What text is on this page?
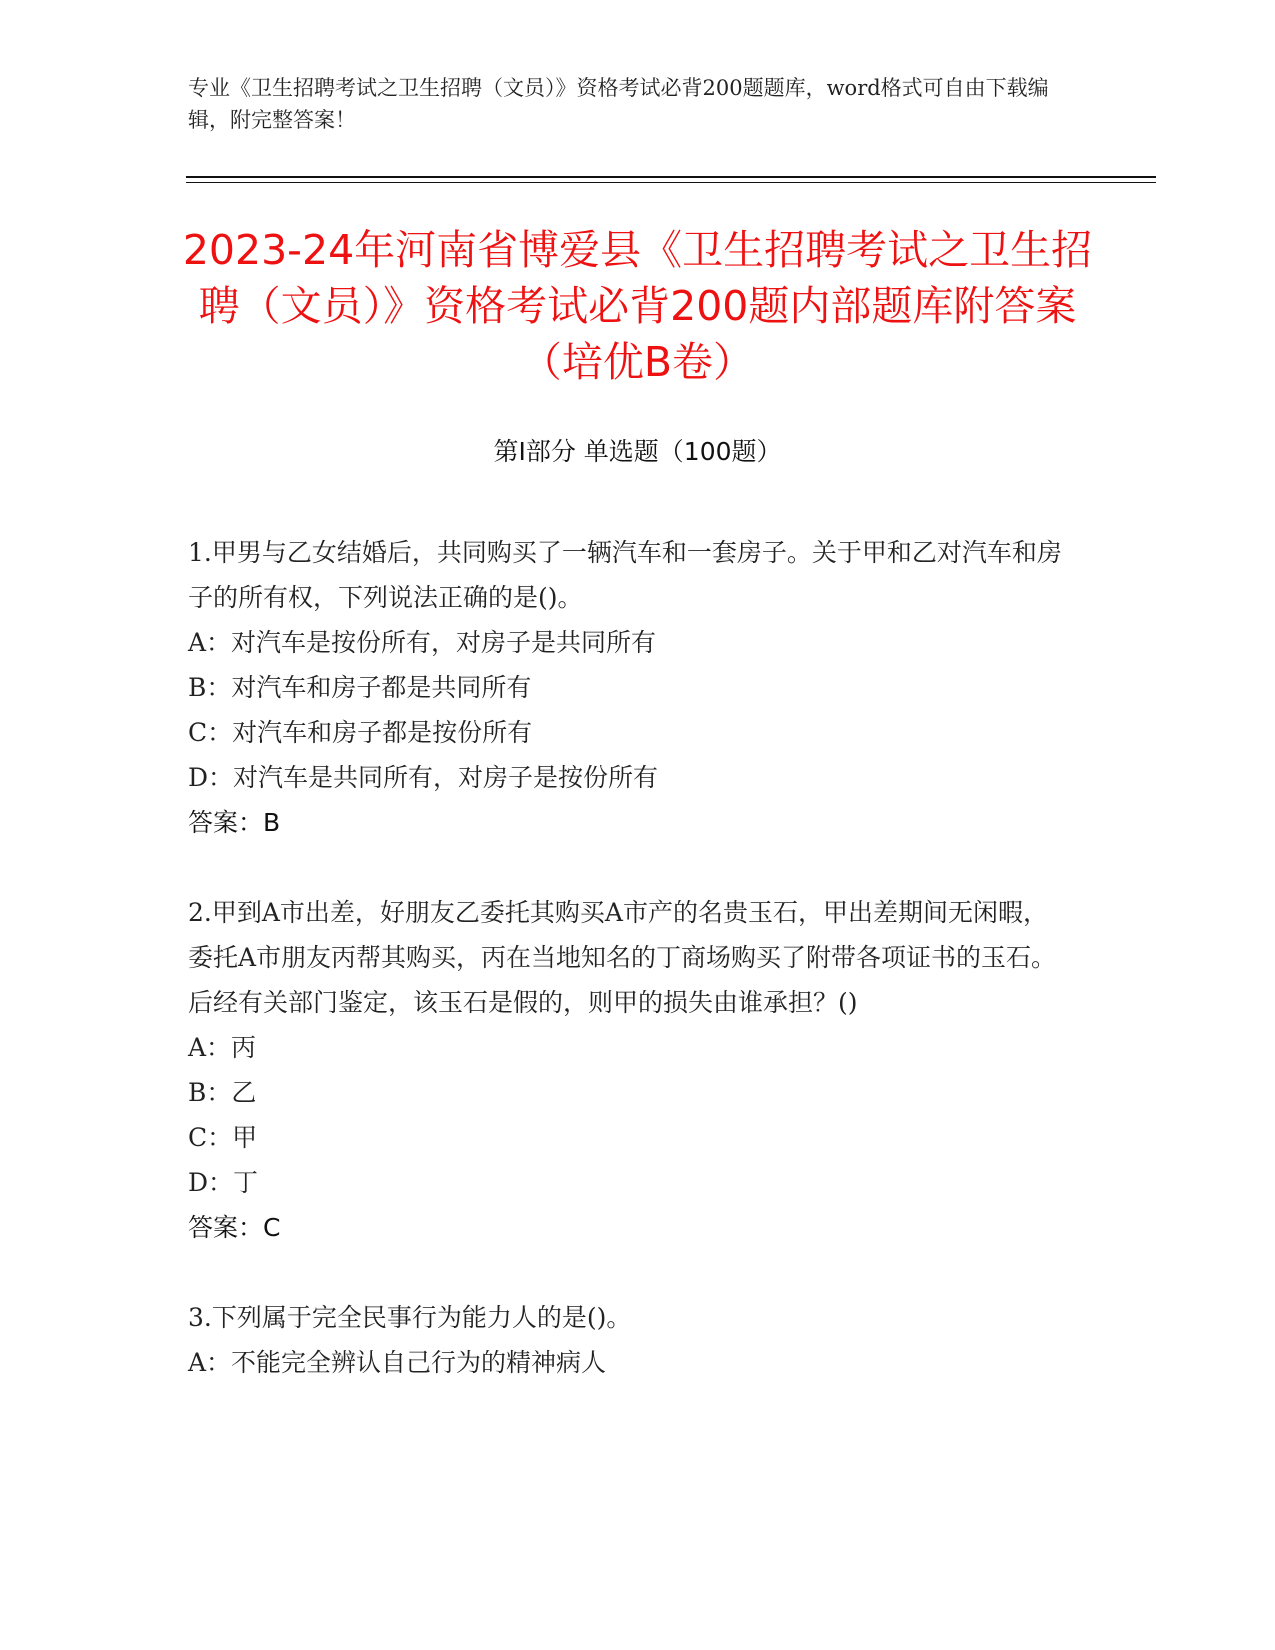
专业《卫生招聘考试之卫生招聘（文员）》资格考试必背200题题库，word格式可自由下载编辑，附完整答案！
2023-24年河南省博爱县《卫生招聘考试之卫生招聘（文员）》资格考试必背200题内部题库附答案（培优B卷）
第Ⅰ部分 单选题（100题）
1.甲男与乙女结婚后，共同购买了一辆汽车和一套房子。关于甲和乙对汽车和房子的所有权，下列说法正确的是()。
A：对汽车是按份所有，对房子是共同所有
B：对汽车和房子都是共同所有
C：对汽车和房子都是按份所有
D：对汽车是共同所有，对房子是按份所有
答案：B
2.甲到A市出差，好朋友乙委托其购买A市产的名贵玉石，甲出差期间无闲暇，委托A市朋友丙帮其购买，丙在当地知名的丁商场购买了附带各项证书的玉石。后经有关部门鉴定，该玉石是假的，则甲的损失由谁承担？()
A：丙
B：乙
C：甲
D：丁
答案：C
3.下列属于完全民事行为能力人的是()。
A：不能完全辨认自己行为的精神病人
